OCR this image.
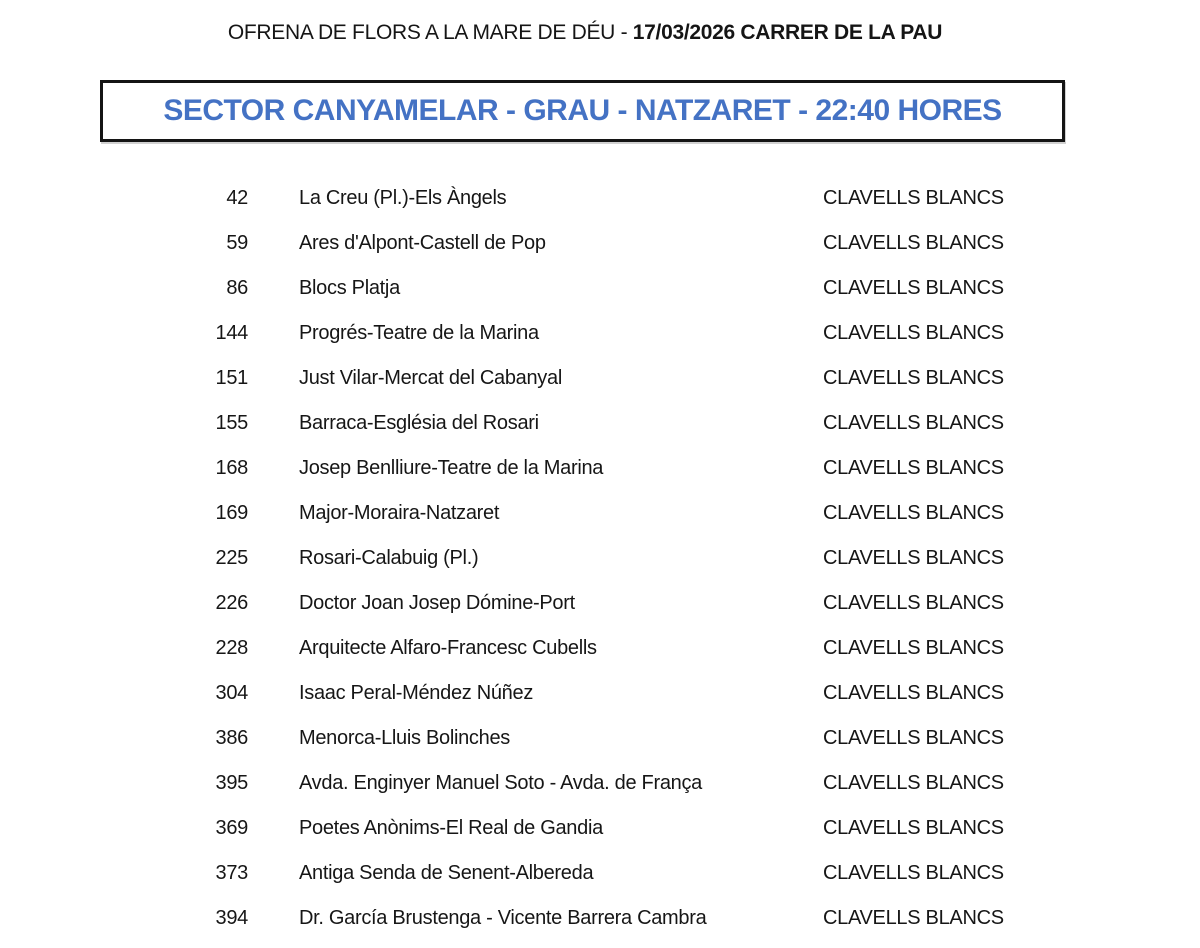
OFRENA DE FLORS A LA MARE DE DÉU - 17/03/2026 CARRER DE LA PAU
SECTOR CANYAMELAR - GRAU - NATZARET - 22:40 HORES
42	La Creu (Pl.)-Els Àngels	CLAVELLS BLANCS
59	Ares d'Alpont-Castell de Pop	CLAVELLS BLANCS
86	Blocs Platja	CLAVELLS BLANCS
144	Progrés-Teatre de la Marina	CLAVELLS BLANCS
151	Just Vilar-Mercat del Cabanyal	CLAVELLS BLANCS
155	Barraca-Església del Rosari	CLAVELLS BLANCS
168	Josep Benlliure-Teatre de la Marina	CLAVELLS BLANCS
169	Major-Moraira-Natzaret	CLAVELLS BLANCS
225	Rosari-Calabuig (Pl.)	CLAVELLS BLANCS
226	Doctor Joan Josep Dómine-Port	CLAVELLS BLANCS
228	Arquitecte Alfaro-Francesc Cubells	CLAVELLS BLANCS
304	Isaac Peral-Méndez Núñez	CLAVELLS BLANCS
386	Menorca-Lluis Bolinches	CLAVELLS BLANCS
395	Avda. Enginyer Manuel Soto - Avda. de França	CLAVELLS BLANCS
369	Poetes Anònims-El Real de Gandia	CLAVELLS BLANCS
373	Antiga Senda de Senent-Albereda	CLAVELLS BLANCS
394	Dr. García Brustenga - Vicente Barrera Cambra	CLAVELLS BLANCS
